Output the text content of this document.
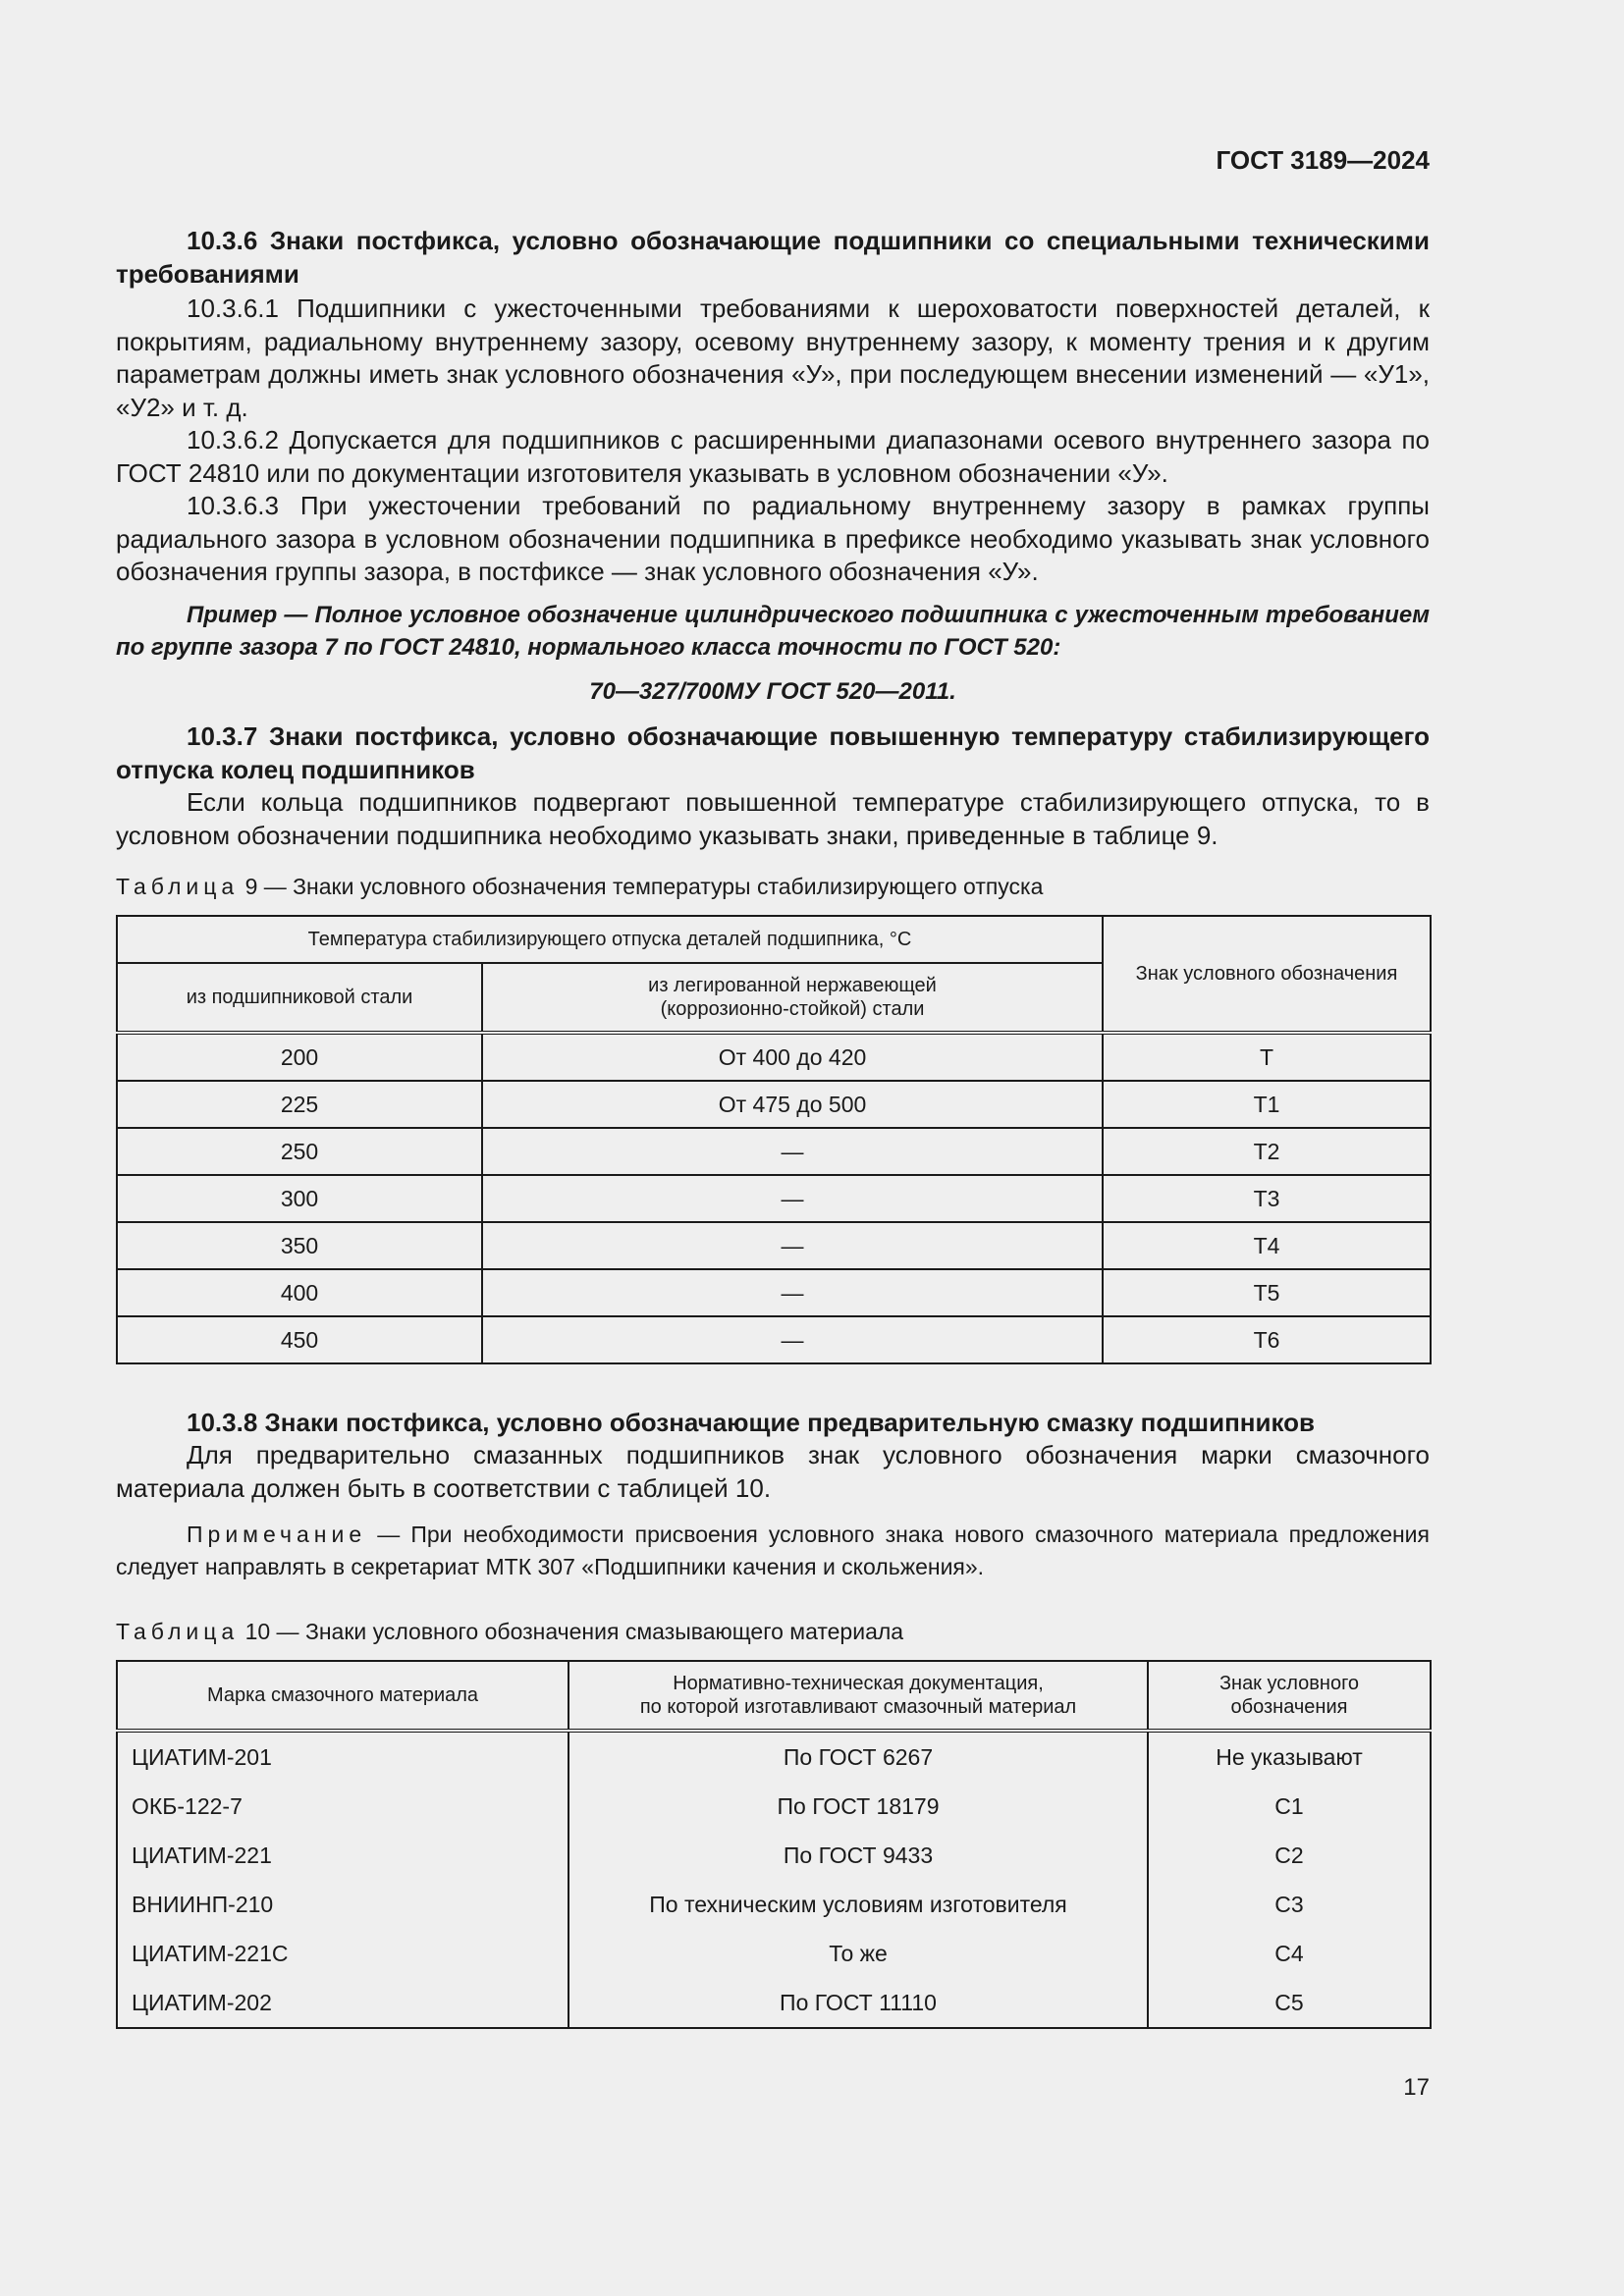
ГОСТ 3189—2024

10.3.6 Знаки постфикса, условно обозначающие подшипники со специальными техническими требованиями

10.3.6.1 Подшипники с ужесточенными требованиями к шероховатости поверхностей деталей, к покрытиям, радиальному внутреннему зазору, осевому внутреннему зазору, к моменту трения и к другим параметрам должны иметь знак условного обозначения «У», при последующем внесении изменений — «У1», «У2» и т. д.

10.3.6.2 Допускается для подшипников с расширенными диапазонами осевого внутреннего зазора по ГОСТ 24810 или по документации изготовителя указывать в условном обозначении «У».

10.3.6.3 При ужесточении требований по радиальному внутреннему зазору в рамках группы радиального зазора в условном обозначении подшипника в префиксе необходимо указывать знак условного обозначения группы зазора, в постфиксе — знак условного обозначения «У».

Пример — Полное условное обозначение цилиндрического подшипника с ужесточенным требованием по группе зазора 7 по ГОСТ 24810, нормального класса точности по ГОСТ 520:

70—327/700МУ ГОСТ 520—2011.

10.3.7 Знаки постфикса, условно обозначающие повышенную температуру стабилизирующего отпуска колец подшипников

Если кольца подшипников подвергают повышенной температуре стабилизирующего отпуска, то в условном обозначении подшипника необходимо указывать знаки, приведенные в таблице 9.

Таблица 9 — Знаки условного обозначения температуры стабилизирующего отпуска

Температура стабилизирующего отпуска деталей подшипника, °С		Знак условного обозначения
из подшипниковой стали	из легированной нержавеющей
(коррозионно-стойкой) стали	
200	От 400 до 420	Т
225	От 475 до 500	Т1
250	—	Т2
300	—	Т3
350	—	Т4
400	—	Т5
450	—	Т6

10.3.8 Знаки постфикса, условно обозначающие предварительную смазку подшипников

Для предварительно смазанных подшипников знак условного обозначения марки смазочного материала должен быть в соответствии с таблицей 10.

Примечание — При необходимости присвоения условного знака нового смазочного материала предложения следует направлять в секретариат МТК 307 «Подшипники качения и скольжения».

Таблица 10 — Знаки условного обозначения смазывающего материала

Марка смазочного материала	Нормативно-техническая документация,
по которой изготавливают смазочный материал	Знак условного
обозначения
ЦИАТИМ-201	По ГОСТ 6267	Не указывают
ОКБ-122-7	По ГОСТ 18179	С1
ЦИАТИМ-221	По ГОСТ 9433	С2
ВНИИНП-210	По техническим условиям изготовителя	С3
ЦИАТИМ-221С	То же	С4
ЦИАТИМ-202	По ГОСТ 11110	С5
17
